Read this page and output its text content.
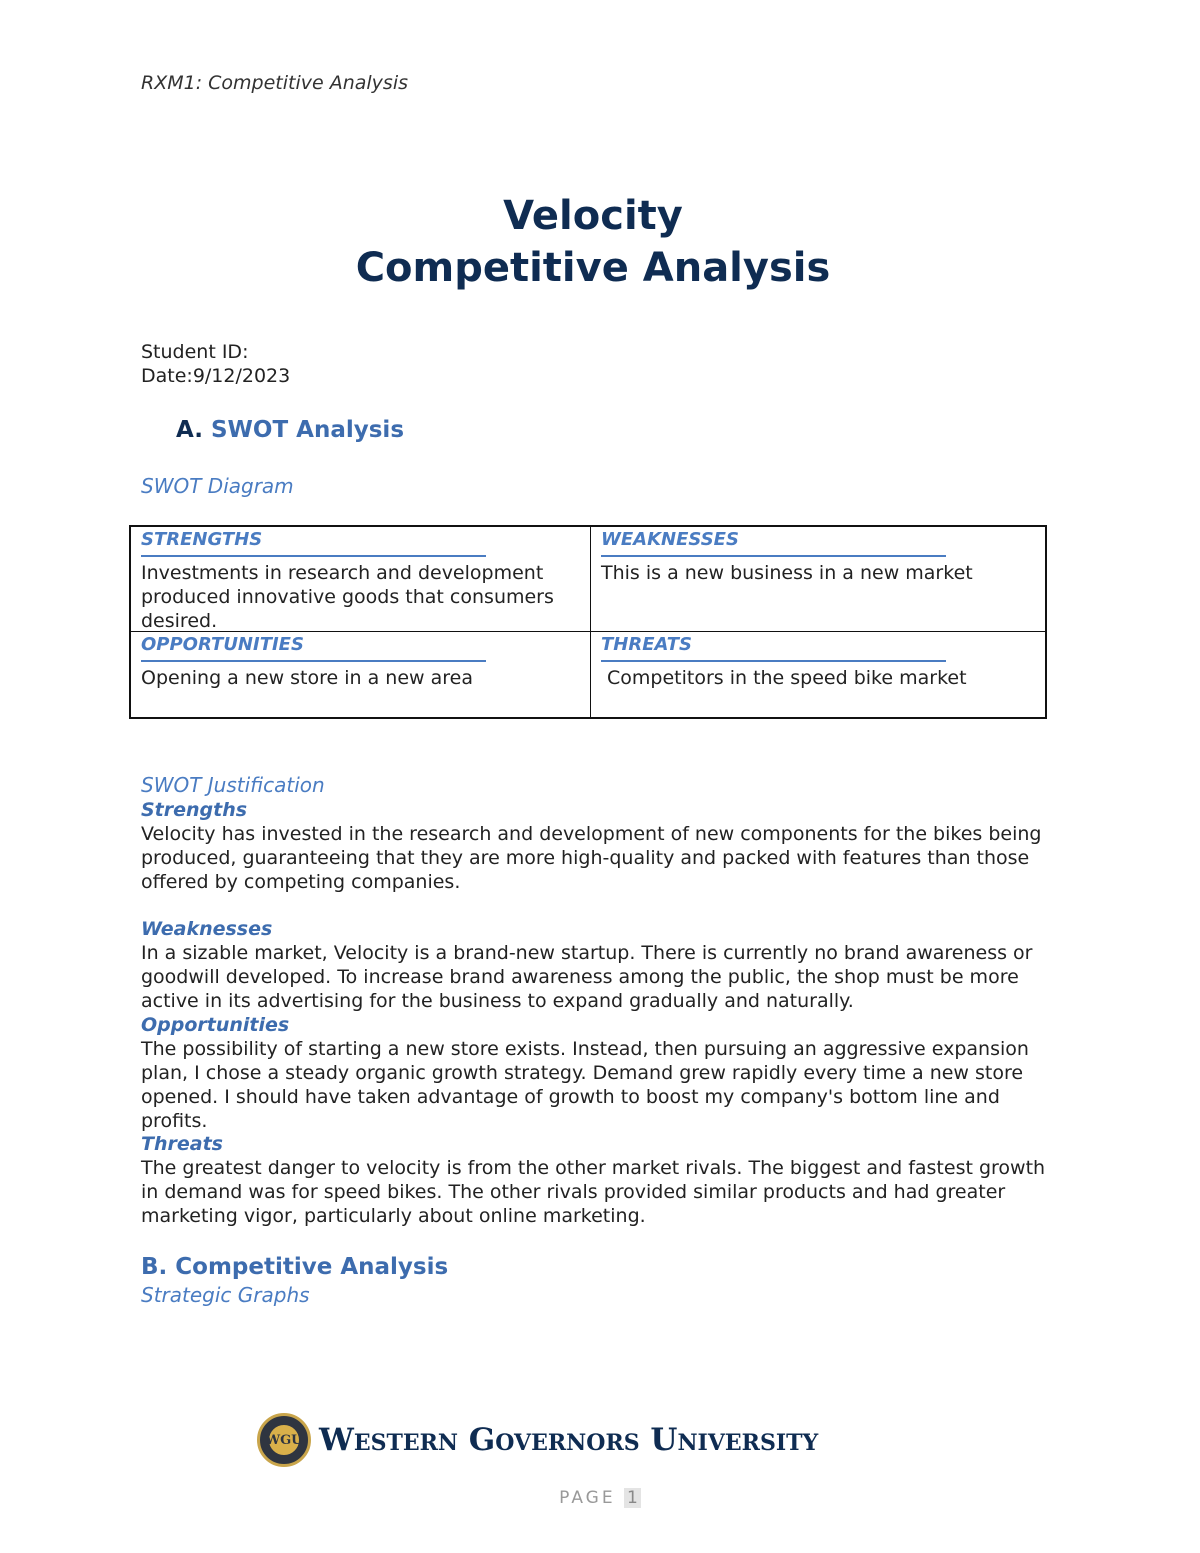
RXM1: Competitive Analysis
Velocity
Competitive Analysis
Student ID:
Date:9/12/2023
A. SWOT Analysis
SWOT Diagram
STRENGTHS
Investments in research and development produced innovative goods that consumers desired.
WEAKNESSES
This is a new business in a new market
OPPORTUNITIES
Opening a new store in a new area
THREATS
Competitors in the speed bike market
SWOT Justification
Strengths
Velocity has invested in the research and development of new components for the bikes being produced, guaranteeing that they are more high-quality and packed with features than those offered by competing companies.
Weaknesses
In a sizable market, Velocity is a brand-new startup. There is currently no brand awareness or goodwill developed. To increase brand awareness among the public, the shop must be more active in its advertising for the business to expand gradually and naturally.
Opportunities
The possibility of starting a new store exists. Instead, then pursuing an aggressive expansion plan, I chose a steady organic growth strategy. Demand grew rapidly every time a new store opened. I should have taken advantage of growth to boost my company's bottom line and profits.
Threats
The greatest danger to velocity is from the other market rivals. The biggest and fastest growth in demand was for speed bikes. The other rivals provided similar products and had greater marketing vigor, particularly about online marketing.
B. Competitive Analysis
Strategic Graphs
WGU Western Governors University
PAGE 1
